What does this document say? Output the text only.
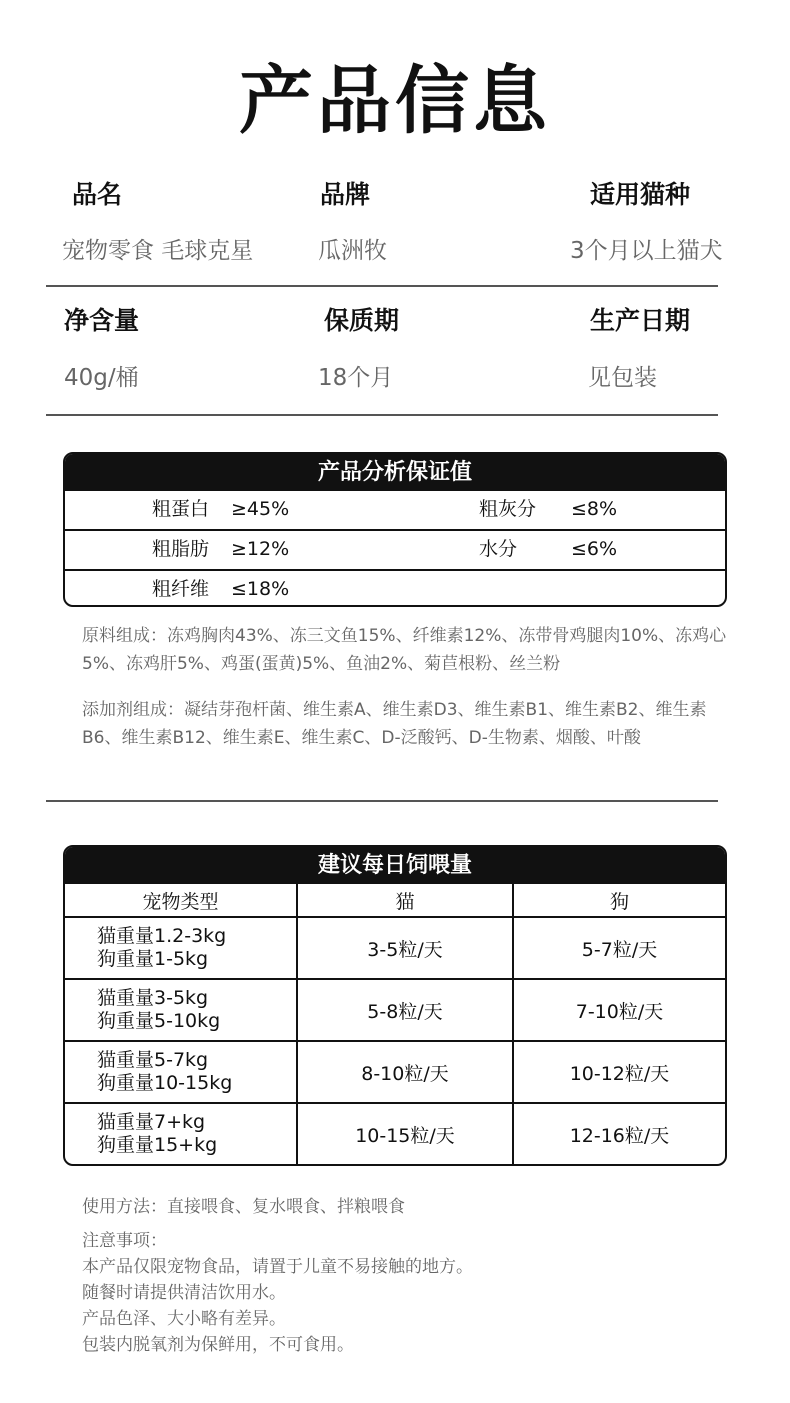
产品信息
品名	品牌	适用猫种
宠物零食 毛球克星	瓜洲牧	3个月以上猫犬
净含量	保质期	生产日期
40g/桶	18个月	见包装
产品分析保证值
粗蛋白 ≥45%	粗灰分 ≤8%
粗脂肪 ≥12%	水分	≤6%
粗纤维 ≤18%
原料组成：冻鸡胸肉43%、冻三文鱼15%、纤维素12%、冻带骨鸡腿肉10%、冻鸡心5%、冻鸡肝5%、鸡蛋(蛋黄)5%、鱼油2%、菊苣根粉、丝兰粉
添加剂组成：凝结芽孢杆菌、维生素A、维生素D3、维生素B1、维生素B2、维生素B6、维生素B12、维生素E、维生素C、D-泛酸钙、D-生物素、烟酸、叶酸
建议每日饲喂量
宠物类型	猫	狗

猫重量1.2-3kg
狗重量1-5kg	3-5粒/天	5-7粒/天

猫重量3-5kg
狗重量5-10kg	5-8粒/天	7-10粒/天

猫重量5-7kg
狗重量10-15kg	8-10粒/天	10-12粒/天

猫重量7+kg
狗重量15+kg	10-15粒/天	12-16粒/天
使用方法：直接喂食、复水喂食、拌粮喂食
注意事项：
本产品仅限宠物食品，请置于儿童不易接触的地方。
随餐时请提供清洁饮用水。
产品色泽、大小略有差异。
包装内脱氧剂为保鲜用，不可食用。
